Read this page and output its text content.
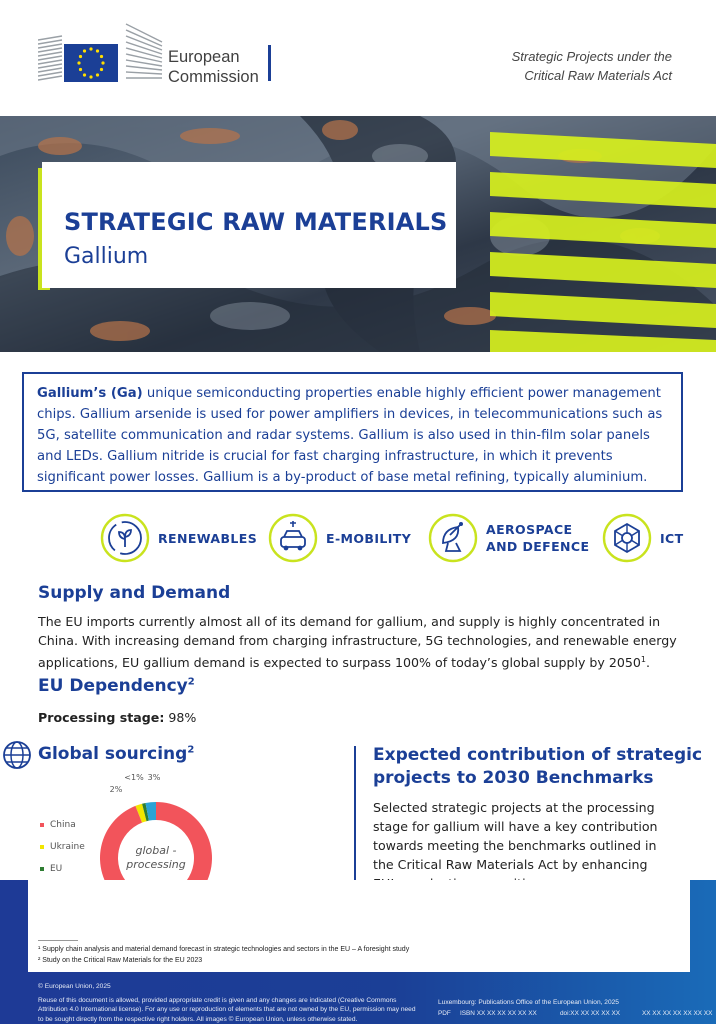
European
Commission
Strategic Projects under the
Critical Raw Materials Act
STRATEGIC RAW MATERIALS
Gallium
Gallium’s (Ga) unique semiconducting properties enable highly efficient power management chips. Gallium arsenide is used for power amplifiers in devices, in telecommunications such as 5G, satellite communication and radar systems. Gallium is also used in thin-film solar panels and LEDs. Gallium nitride is crucial for fast charging infrastructure, in which it prevents significant power losses. Gallium is a by-product of base metal refining, typically aluminium.
RENEWABLES	E-MOBILITY
AEROSPACE
AND DEFENCE
ICT
Supply and Demand
The EU imports currently almost all of its demand for gallium, and supply is highly concentrated in China. With increasing demand from charging infrastructure, 5G technologies, and renewable energy applications, EU gallium demand is expected to surpass 100% of today’s global supply by 2050$^1$.
EU Dependency$^2$
Processing stage: 98%
Global sourcing$^2$
China
Ukraine
EU
2%
<1% 3%
global -
processing
Expected contribution of strategic
projects to 2030 Benchmarks
Selected strategic projects at the processing stage for gallium will have a key contribution towards meeting the benchmarks outlined in the Critical Raw Materials Act by enhancing
¹ Supply chain analysis and material demand forecast in strategic technologies and sectors in the EU – A foresight study
² Study on the Critical Raw Materials for the EU 2023
© European Union, 2025
Reuse of this document is allowed, provided appropriate credit is given and any changes are indicated (Creative Commons Attribution 4.0 International license). For any use or reproduction of elements that are not owned by the EU, permission may need to be sought directly from the respective right holders. All images © European Union, unless otherwise stated.
Luxembourg: Publications Office of the European Union, 2025
PDF ISBN XX XX XX XX XX XX	doi:XX XX XX XX XX	XX XX XX XX XX XX XX
